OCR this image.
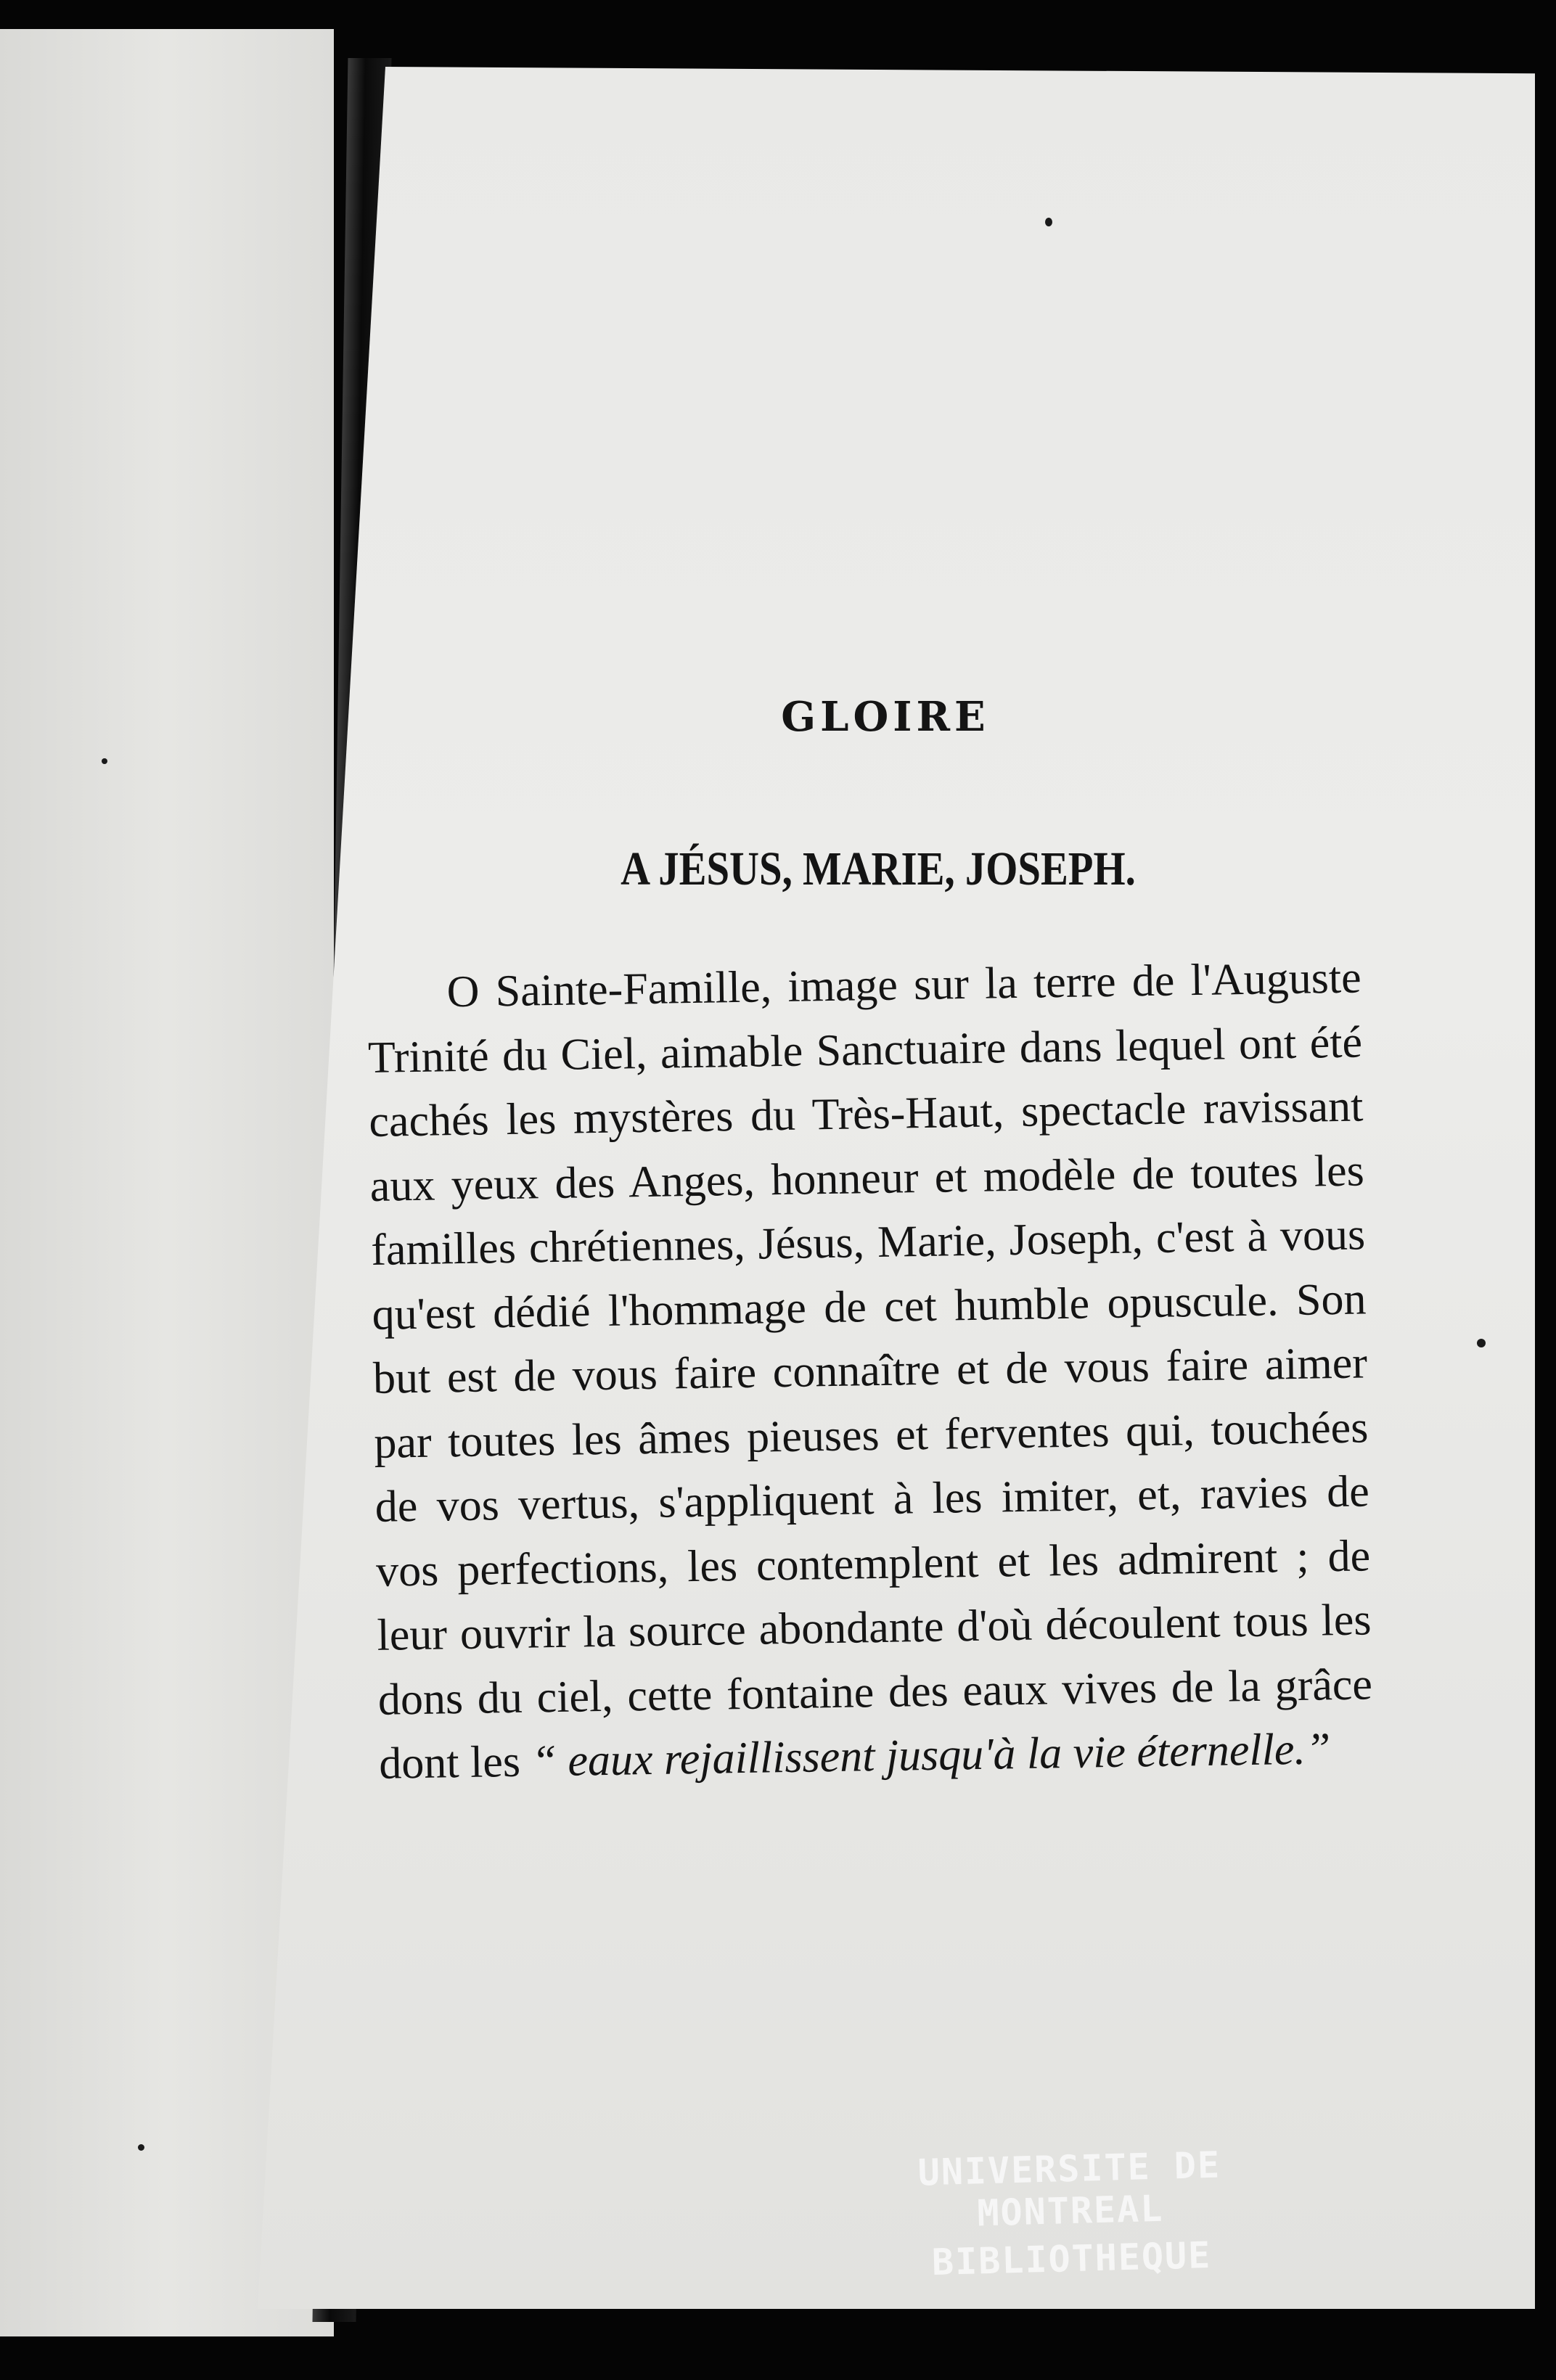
GLOIRE
A JÉSUS, MARIE, JOSEPH.

O Sainte-Famille, image sur la terre de l'Auguste Trinité du Ciel, aimable Sanctuaire dans lequel ont été cachés les mystères du Très-Haut, spectacle ravissant aux yeux des Anges, honneur et modèle de toutes les familles chrétiennes, Jésus, Marie, Joseph, c'est à vous qu'est dédié l'hommage de cet humble opuscule. Son but est de vous faire connaître et de vous faire aimer par toutes les âmes pieuses et ferventes qui, touchées de vos vertus, s'appliquent à les imiter, et, ravies de vos perfections, les contemplent et les admirent ; de leur ouvrir la source abondante d'où découlent tous les dons du ciel, cette fontaine des eaux vives de la grâce dont les “ eaux rejaillissent jusqu'à la vie éternelle.”

UNIVERSITE DE MONTREAL
BIBLIOTHEQUE
